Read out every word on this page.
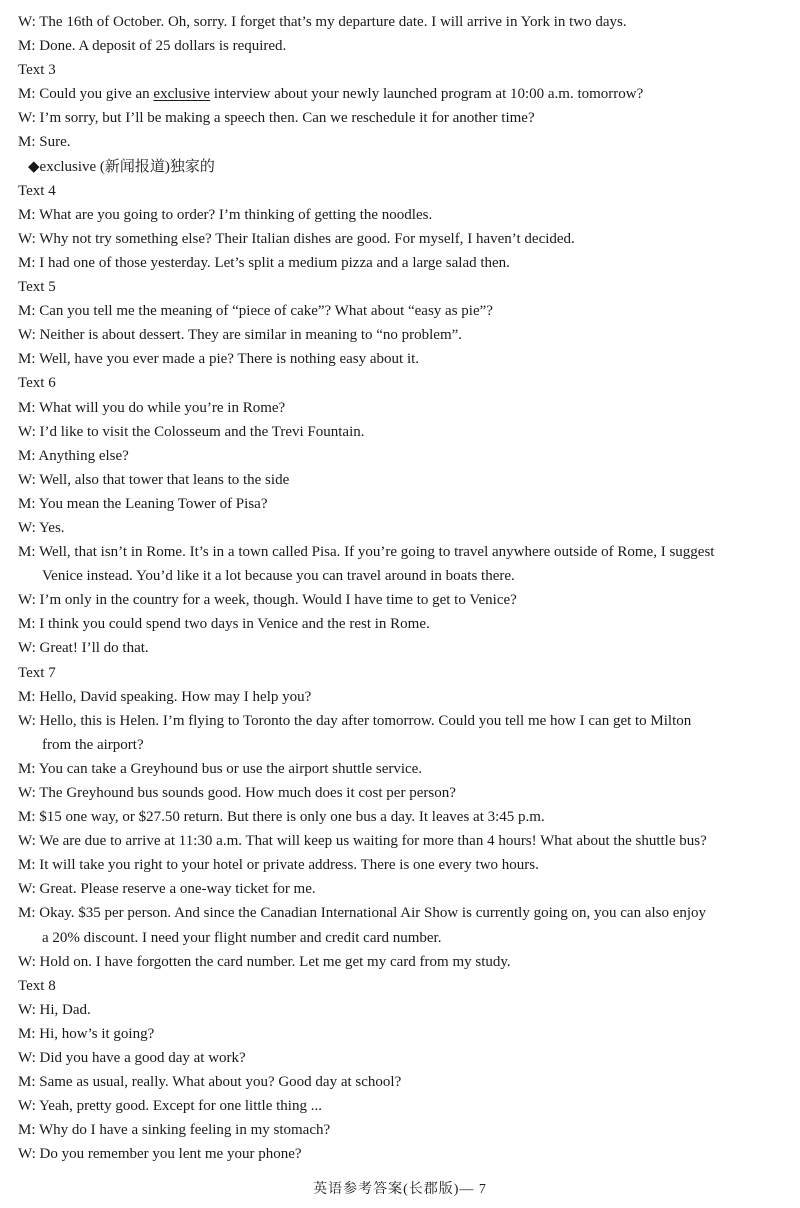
W: The 16th of October. Oh, sorry. I forget that’s my departure date. I will arrive in York in two days.
M: Done. A deposit of 25 dollars is required.
Text 3
M: Could you give an exclusive interview about your newly launched program at 10:00 a.m. tomorrow?
W: I’m sorry, but I’ll be making a speech then. Can we reschedule it for another time?
M: Sure.
◆exclusive (新闻报道)独家的
Text 4
M: What are you going to order? I’m thinking of getting the noodles.
W: Why not try something else? Their Italian dishes are good. For myself, I haven’t decided.
M: I had one of those yesterday. Let’s split a medium pizza and a large salad then.
Text 5
M: Can you tell me the meaning of “piece of cake”? What about “easy as pie”?
W: Neither is about dessert. They are similar in meaning to “no problem”.
M: Well, have you ever made a pie? There is nothing easy about it.
Text 6
M: What will you do while you’re in Rome?
W: I’d like to visit the Colosseum and the Trevi Fountain.
M: Anything else?
W: Well, also that tower that leans to the side
M: You mean the Leaning Tower of Pisa?
W: Yes.
M: Well, that isn’t in Rome. It’s in a town called Pisa. If you’re going to travel anywhere outside of Rome, I suggest
Venice instead. You’d like it a lot because you can travel around in boats there.
W: I’m only in the country for a week, though. Would I have time to get to Venice?
M: I think you could spend two days in Venice and the rest in Rome.
W: Great! I’ll do that.
Text 7
M: Hello, David speaking. How may I help you?
W: Hello, this is Helen. I’m flying to Toronto the day after tomorrow. Could you tell me how I can get to Milton
from the airport?
M: You can take a Greyhound bus or use the airport shuttle service.
W: The Greyhound bus sounds good. How much does it cost per person?
M: $15 one way, or $27.50 return. But there is only one bus a day. It leaves at 3:45 p.m.
W: We are due to arrive at 11:30 a.m. That will keep us waiting for more than 4 hours! What about the shuttle bus?
M: It will take you right to your hotel or private address. There is one every two hours.
W: Great. Please reserve a one-way ticket for me.
M: Okay. $35 per person. And since the Canadian International Air Show is currently going on, you can also enjoy
a 20% discount. I need your flight number and credit card number.
W: Hold on. I have forgotten the card number. Let me get my card from my study.
Text 8
W: Hi, Dad.
M: Hi, how’s it going?
W: Did you have a good day at work?
M: Same as usual, really. What about you? Good day at school?
W: Yeah, pretty good. Except for one little thing ...
M: Why do I have a sinking feeling in my stomach?
W: Do you remember you lent me your phone?
英语参考答案(长郡版)— 7
